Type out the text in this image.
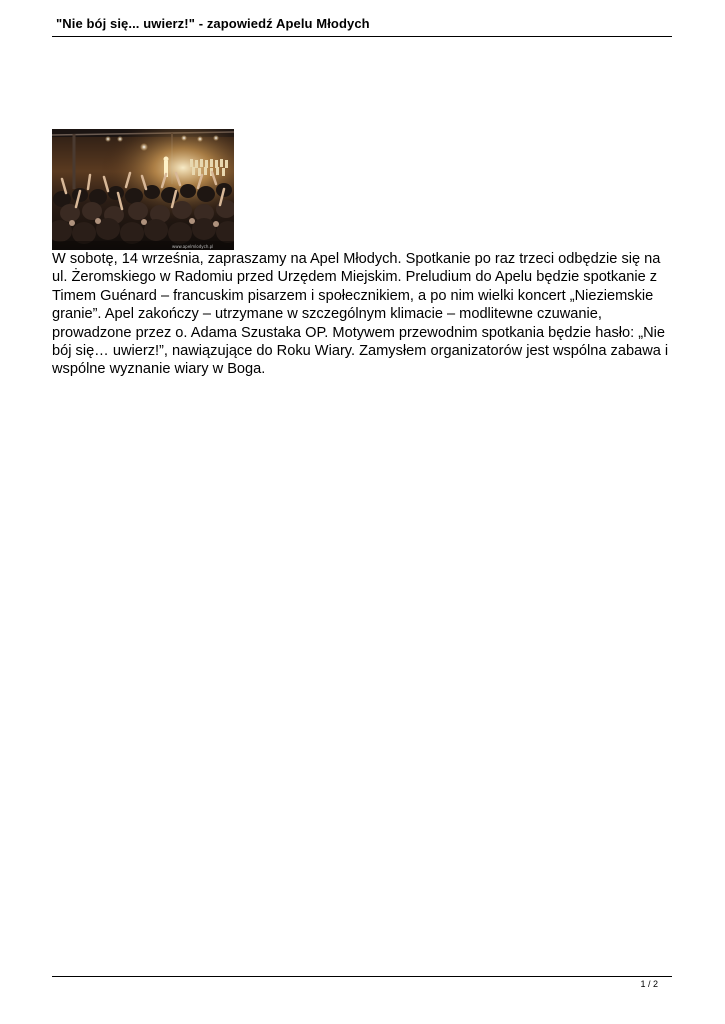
"Nie bój się... uwierz!" - zapowiedź Apelu Młodych
www.apelmlodych.pl

W sobotę, 14 września, zapraszamy na Apel Młodych. Spotkanie po raz trzeci odbędzie się na

ul. Żeromskiego w Radomiu przed Urzędem Miejskim. Preludium do Apelu będzie spotkanie z

Timem Guénard – francuskim pisarzem i społecznikiem, a po nim wielki koncert „Nieziemskie

granie”. Apel zakończy – utrzymane w szczególnym klimacie – modlitewne czuwanie,

prowadzone przez o. Adama Szustaka OP. Motywem przewodnim spotkania będzie hasło: „Nie

bój się… uwierz!”, nawiązujące do Roku Wiary. Zamysłem organizatorów jest wspólna zabawa i

wspólne wyznanie wiary w Boga.

1 / 2
